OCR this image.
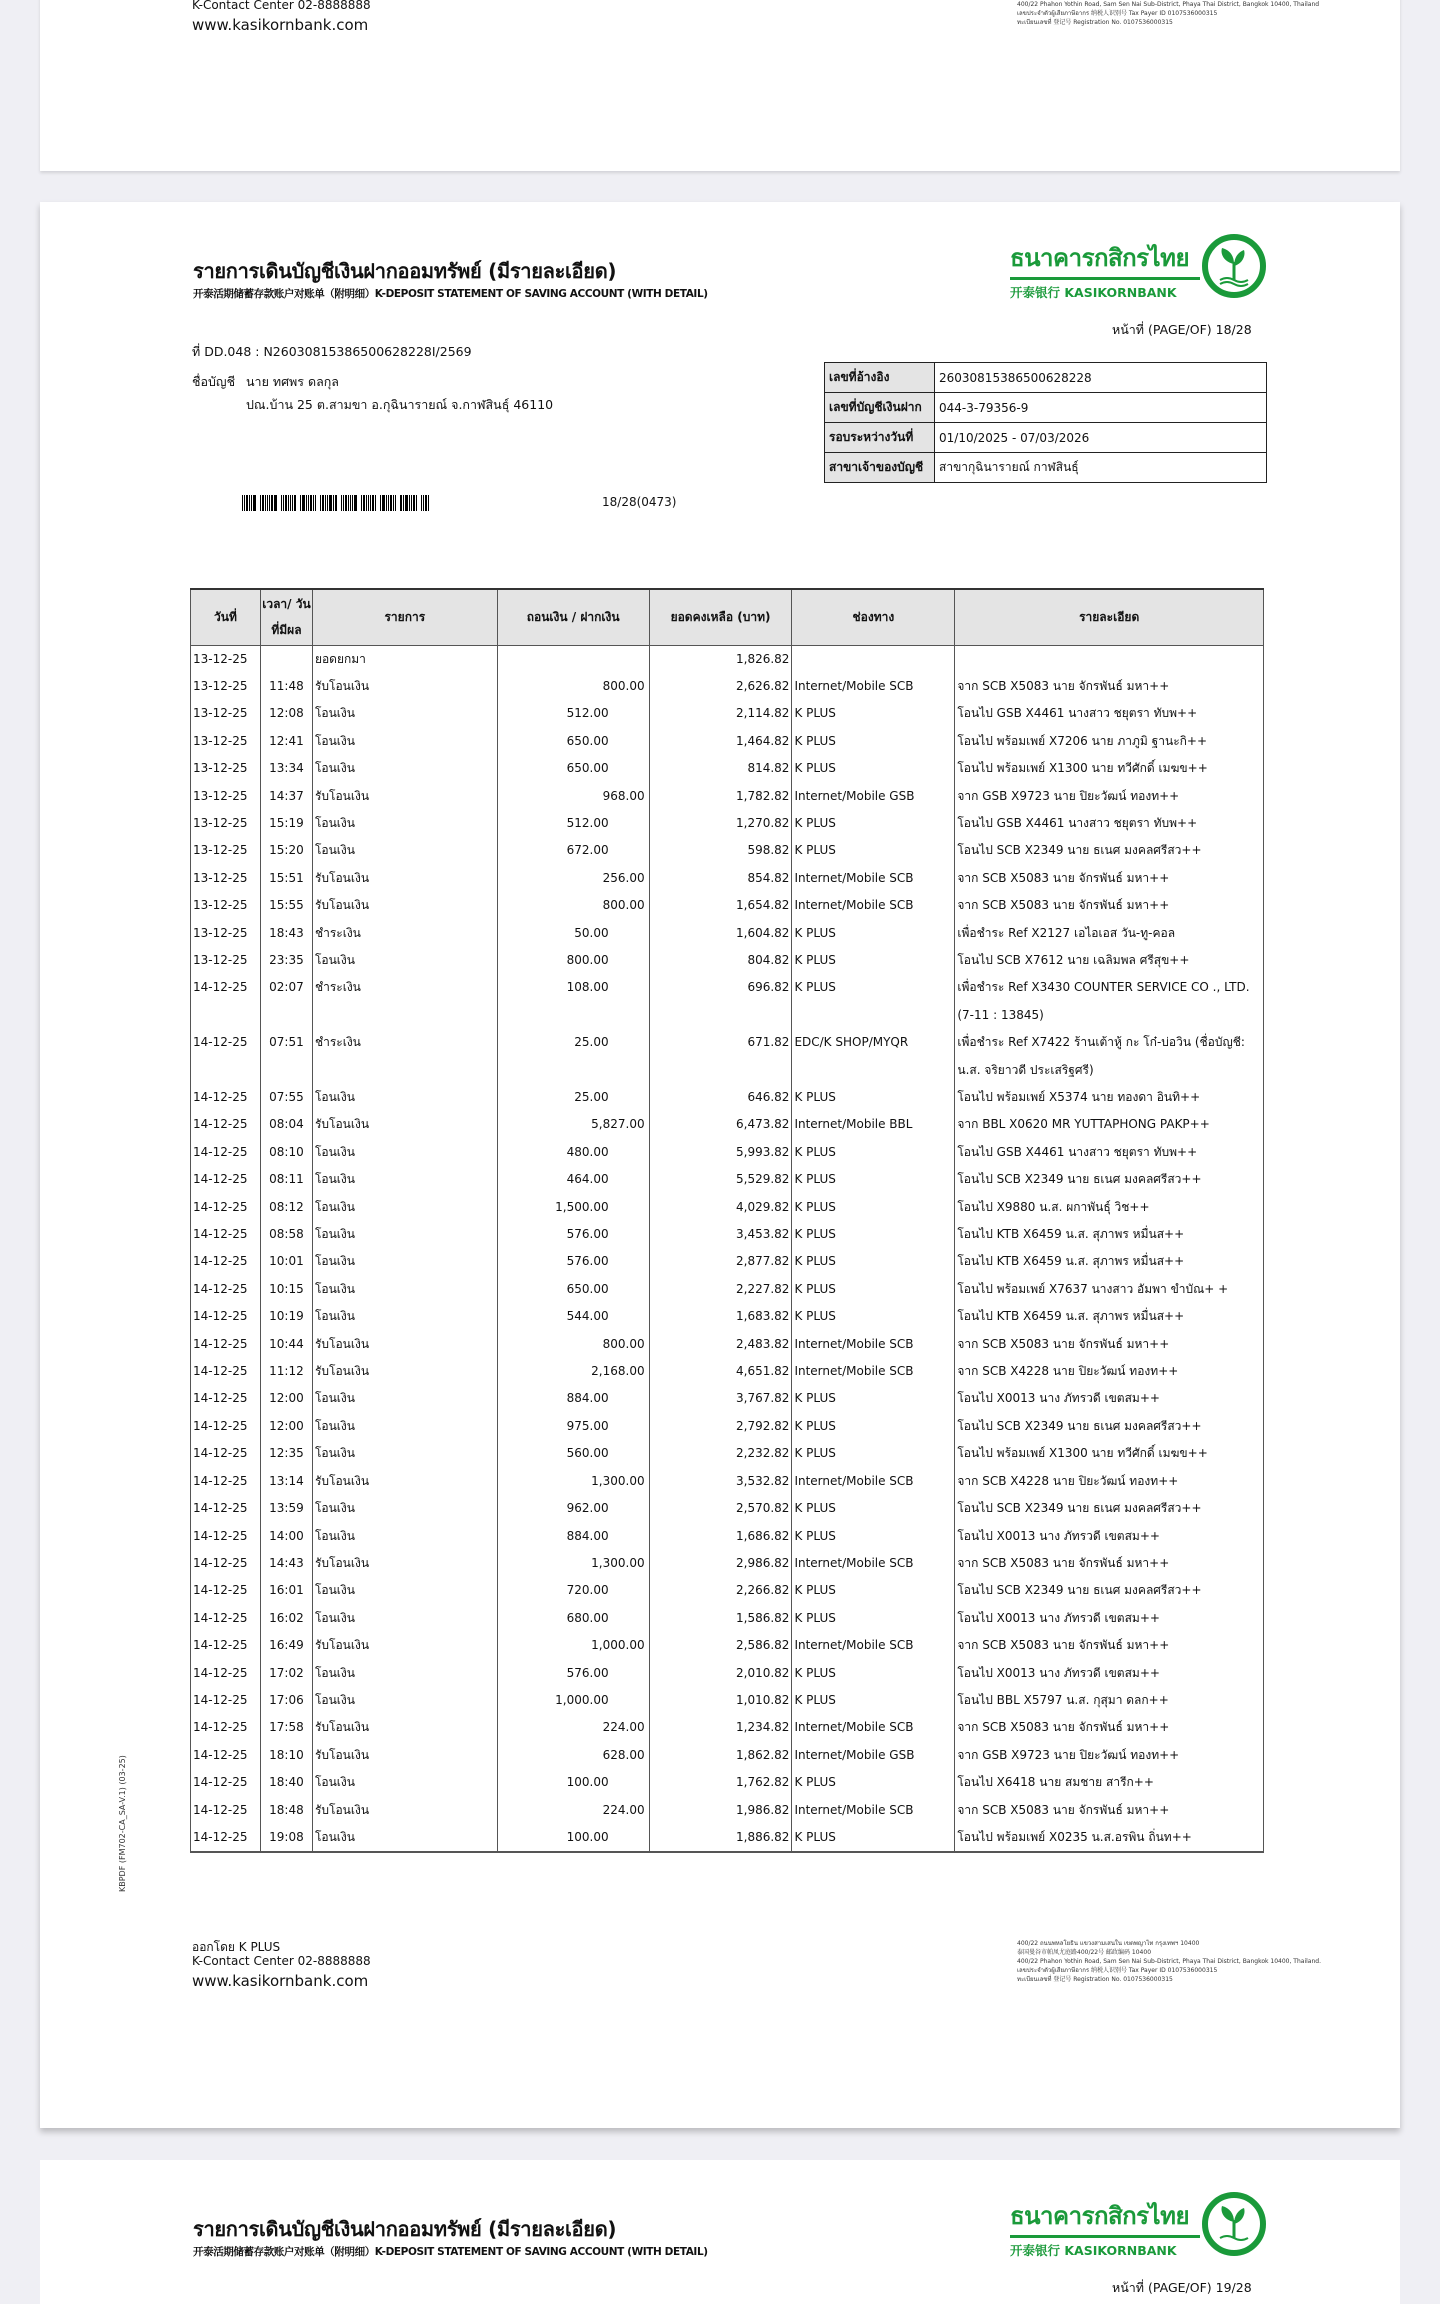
K-Contact Center 02-8888888
www.kasikornbank.com
400/22 Phahon Yothin Road, Sam Sen Nai Sub-District, Phaya Thai District, Bangkok 10400, Thailand
เลขประจำตัวผู้เสียภาษีอากร 纳税人识别号 Tax Payer ID 0107536000315
ทะเบียนเลขที่ 登记号 Registration No. 0107536000315
รายการเดินบัญชีเงินฝากออมทรัพย์ (มีรายละเอียด)
开泰活期储蓄存款账户对账单（附明细）K-DEPOSIT STATEMENT OF SAVING ACCOUNT (WITH DETAIL)
ธนาคารกสิกรไทย
开泰银行 KASIKORNBANK
หน้าที่ (PAGE/OF) 18/28
ที่ DD.048 : N2603081538650062822​8I/2569
ชื่อบัญชี นาย ทศพร ดลกุล
ปณ.บ้าน 25 ต.สามขา อ.กุฉินารายณ์ จ.กาฬสินธุ์ 46110
เลขที่อ้างอิง	26030815386500628228
เลขที่บัญชีเงินฝาก	044-3-79356-9
รอบระหว่างวันที่	01/10/2025 - 07/03/2026
สาขาเจ้าของบัญชี	สาขากุฉินารายณ์ กาฬสินธุ์
18/28(0473)
วันที่	เวลา/ วันที่มีผล	รายการ	ถอนเงิน / ฝากเงิน	ยอดคงเหลือ (บาท)	ช่องทาง	รายละเอียด
13-12-25		ยอดยกมา		1,826.82		
13-12-25	11:48	รับโอนเงิน	800.00	2,626.82	Internet/Mobile SCB	จาก SCB X5083 นาย จักรพันธ์ มหา++
13-12-25	12:08	โอนเงิน	512.00	2,114.82	K PLUS	โอนไป GSB X4461 นางสาว ชยุตรา ทับพ++
13-12-25	12:41	โอนเงิน	650.00	1,464.82	K PLUS	โอนไป พร้อมเพย์ X7206 นาย ภาภูมิ ฐานะกิ++
13-12-25	13:34	โอนเงิน	650.00	814.82	K PLUS	โอนไป พร้อมเพย์ X1300 นาย ทวีศักดิ์ เมฆข++
13-12-25	14:37	รับโอนเงิน	968.00	1,782.82	Internet/Mobile GSB	จาก GSB X9723 นาย ปิยะวัฒน์ ทองท++
13-12-25	15:19	โอนเงิน	512.00	1,270.82	K PLUS	โอนไป GSB X4461 นางสาว ชยุตรา ทับพ++
13-12-25	15:20	โอนเงิน	672.00	598.82	K PLUS	โอนไป SCB X2349 นาย ธเนศ มงคลศรีสว++
13-12-25	15:51	รับโอนเงิน	256.00	854.82	Internet/Mobile SCB	จาก SCB X5083 นาย จักรพันธ์ มหา++
13-12-25	15:55	รับโอนเงิน	800.00	1,654.82	Internet/Mobile SCB	จาก SCB X5083 นาย จักรพันธ์ มหา++
13-12-25	18:43	ชำระเงิน	50.00	1,604.82	K PLUS	เพื่อชำระ Ref X2127 เอไอเอส วัน-ทู-คอล
13-12-25	23:35	โอนเงิน	800.00	804.82	K PLUS	โอนไป SCB X7612 นาย เฉลิมพล ศรีสุข++
14-12-25	02:07	ชำระเงิน	108.00	696.82	K PLUS	เพื่อชำระ Ref X3430 COUNTER SERVICE CO ., LTD. (7-11 : 13845)
14-12-25	07:51	ชำระเงิน	25.00	671.82	EDC/K SHOP/MYQR	เพื่อชำระ Ref X7422 ร้านเต้าหู้ กะ โก๋-บ่อวิน (ชื่อบัญชี: น.ส. จริยาวดี ประเสริฐศรี)
14-12-25	07:55	โอนเงิน	25.00	646.82	K PLUS	โอนไป พร้อมเพย์ X5374 นาย ทองดา อินทิ++
14-12-25	08:04	รับโอนเงิน	5,827.00	6,473.82	Internet/Mobile BBL	จาก BBL X0620 MR YUTTAPHONG PAKP++
14-12-25	08:10	โอนเงิน	480.00	5,993.82	K PLUS	โอนไป GSB X4461 นางสาว ชยุตรา ทับพ++
14-12-25	08:11	โอนเงิน	464.00	5,529.82	K PLUS	โอนไป SCB X2349 นาย ธเนศ มงคลศรีสว++
14-12-25	08:12	โอนเงิน	1,500.00	4,029.82	K PLUS	โอนไป X9880 น.ส. ผกาพันธุ์ วิช++
14-12-25	08:58	โอนเงิน	576.00	3,453.82	K PLUS	โอนไป KTB X6459 น.ส. สุภาพร หมื่นส++
14-12-25	10:01	โอนเงิน	576.00	2,877.82	K PLUS	โอนไป KTB X6459 น.ส. สุภาพร หมื่นส++
14-12-25	10:15	โอนเงิน	650.00	2,227.82	K PLUS	โอนไป พร้อมเพย์ X7637 นางสาว อัมพา ขำบัณ+ +
14-12-25	10:19	โอนเงิน	544.00	1,683.82	K PLUS	โอนไป KTB X6459 น.ส. สุภาพร หมื่นส++
14-12-25	10:44	รับโอนเงิน	800.00	2,483.82	Internet/Mobile SCB	จาก SCB X5083 นาย จักรพันธ์ มหา++
14-12-25	11:12	รับโอนเงิน	2,168.00	4,651.82	Internet/Mobile SCB	จาก SCB X4228 นาย ปิยะวัฒน์ ทองท++
14-12-25	12:00	โอนเงิน	884.00	3,767.82	K PLUS	โอนไป X0013 นาง ภัทรวดี เขตสม++
14-12-25	12:00	โอนเงิน	975.00	2,792.82	K PLUS	โอนไป SCB X2349 นาย ธเนศ มงคลศรีสว++
14-12-25	12:35	โอนเงิน	560.00	2,232.82	K PLUS	โอนไป พร้อมเพย์ X1300 นาย ทวีศักดิ์ เมฆข++
14-12-25	13:14	รับโอนเงิน	1,300.00	3,532.82	Internet/Mobile SCB	จาก SCB X4228 นาย ปิยะวัฒน์ ทองท++
14-12-25	13:59	โอนเงิน	962.00	2,570.82	K PLUS	โอนไป SCB X2349 นาย ธเนศ มงคลศรีสว++
14-12-25	14:00	โอนเงิน	884.00	1,686.82	K PLUS	โอนไป X0013 นาง ภัทรวดี เขตสม++
14-12-25	14:43	รับโอนเงิน	1,300.00	2,986.82	Internet/Mobile SCB	จาก SCB X5083 นาย จักรพันธ์ มหา++
14-12-25	16:01	โอนเงิน	720.00	2,266.82	K PLUS	โอนไป SCB X2349 นาย ธเนศ มงคลศรีสว++
14-12-25	16:02	โอนเงิน	680.00	1,586.82	K PLUS	โอนไป X0013 นาง ภัทรวดี เขตสม++
14-12-25	16:49	รับโอนเงิน	1,000.00	2,586.82	Internet/Mobile SCB	จาก SCB X5083 นาย จักรพันธ์ มหา++
14-12-25	17:02	โอนเงิน	576.00	2,010.82	K PLUS	โอนไป X0013 นาง ภัทรวดี เขตสม++
14-12-25	17:06	โอนเงิน	1,000.00	1,010.82	K PLUS	โอนไป BBL X5797 น.ส. กุสุมา ดลก++
14-12-25	17:58	รับโอนเงิน	224.00	1,234.82	Internet/Mobile SCB	จาก SCB X5083 นาย จักรพันธ์ มหา++
14-12-25	18:10	รับโอนเงิน	628.00	1,862.82	Internet/Mobile GSB	จาก GSB X9723 นาย ปิยะวัฒน์ ทองท++
14-12-25	18:40	โอนเงิน	100.00	1,762.82	K PLUS	โอนไป X6418 นาย สมชาย สารีก++
14-12-25	18:48	รับโอนเงิน	224.00	1,986.82	Internet/Mobile SCB	จาก SCB X5083 นาย จักรพันธ์ มหา++
14-12-25	19:08	โอนเงิน	100.00	1,886.82	K PLUS	โอนไป พร้อมเพย์ X0235 น.ส.อรพิน ถิ่นท++
KBPDF (FM702-CA_SA-V.1) (03-25)
ออกโดย K PLUS
K-Contact Center 02-8888888
www.kasikornbank.com
400/22 ถนนพหลโยธิน แขวงสามเสนใน เขตพญาไท กรุงเทพฯ 10400
泰国曼谷市帕凤尤庭路400/22号 邮政编码 10400
400/22 Phahon Yothin Road, Sam Sen Nai Sub-District, Phaya Thai District, Bangkok 10400, Thailand.
เลขประจำตัวผู้เสียภาษีอากร 纳税人识别号 Tax Payer ID 0107536000315
ทะเบียนเลขที่ 登记号 Registration No. 0107536000315
รายการเดินบัญชีเงินฝากออมทรัพย์ (มีรายละเอียด)
开泰活期储蓄存款账户对账单（附明细）K-DEPOSIT STATEMENT OF SAVING ACCOUNT (WITH DETAIL)
ธนาคารกสิกรไทย
开泰银行 KASIKORNBANK
หน้าที่ (PAGE/OF) 19/28
